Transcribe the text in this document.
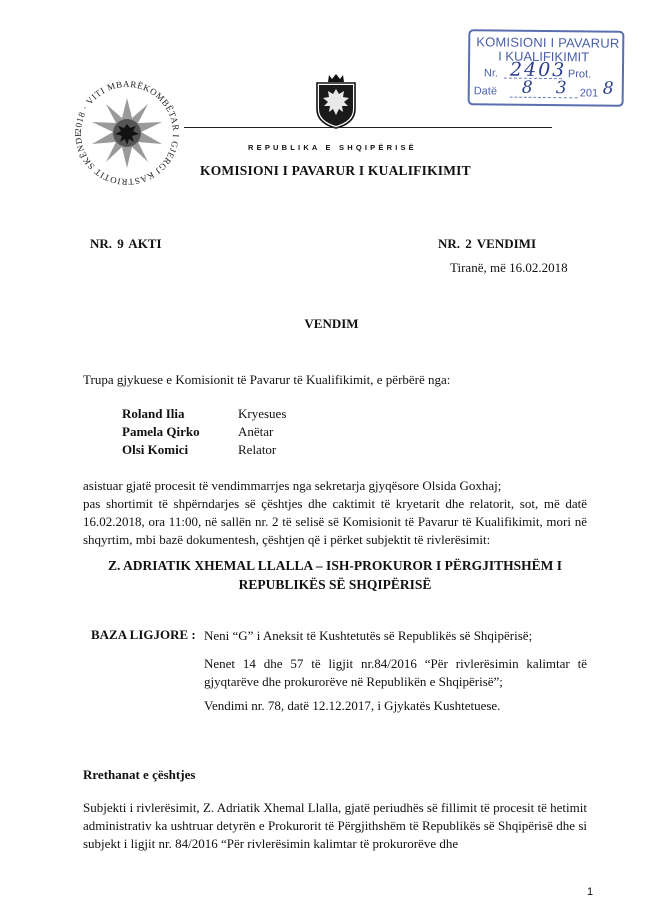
KOMISIONI I PAVARUR
I KUALIFIKIMIT
Nr. 2403 Prot.
Datë 8 3 201 8
2018 · VITI MBARËKOMBËTAR I GJERGJ KASTRIOTIT SKËNDE
REPUBLIKA E SHQIPËRISË
KOMISIONI I PAVARUR I KUALIFIKIMIT
NR. 9 AKTI	NR. 2 VENDIMI
Tiranë, më 16.02.2018
VENDIM
Trupa gjykuese e Komisionit të Pavarur të Kualifikimit, e përbërë nga:
Roland Ilia	Kryesues
Pamela Qirko	Anëtar
Olsi Komici	Relator
asistuar gjatë procesit të vendimmarrjes nga sekretarja gjyqësore Olsida Goxhaj;
pas shortimit të shpërndarjes së çështjes dhe caktimit të kryetarit dhe relatorit, sot, më datë 16.02.2018, ora 11:00, në sallën nr. 2 të selisë së Komisionit të Pavarur të Kualifikimit, mori në shqyrtim, mbi bazë dokumentesh, çështjen që i përket subjektit të rivlerësimit:
Z. ADRIATIK XHEMAL LLALLA – ISH-PROKUROR I PËRGJITHSHËM I
REPUBLIKËS SË SHQIPËRISË
BAZA LIGJORE : Neni “G” i Aneksit të Kushtetutës së Republikës së Shqipërisë;
Nenet 14 dhe 57 të ligjit nr.84/2016 “Për rivlerësimin kalimtar të gjyqtarëve dhe prokurorëve në Republikën e Shqipërisë”;
Vendimi nr. 78, datë 12.12.2017, i Gjykatës Kushtetuese.
Rrethanat e çështjes
Subjekti i rivlerësimit, Z. Adriatik Xhemal Llalla, gjatë periudhës së fillimit të procesit të hetimit administrativ ka ushtruar detyrën e Prokurorit të Përgjithshëm të Republikës së Shqipërisë dhe si subjekt i ligjit nr. 84/2016 “Për rivlerësimin kalimtar të prokurorëve dhe
1
